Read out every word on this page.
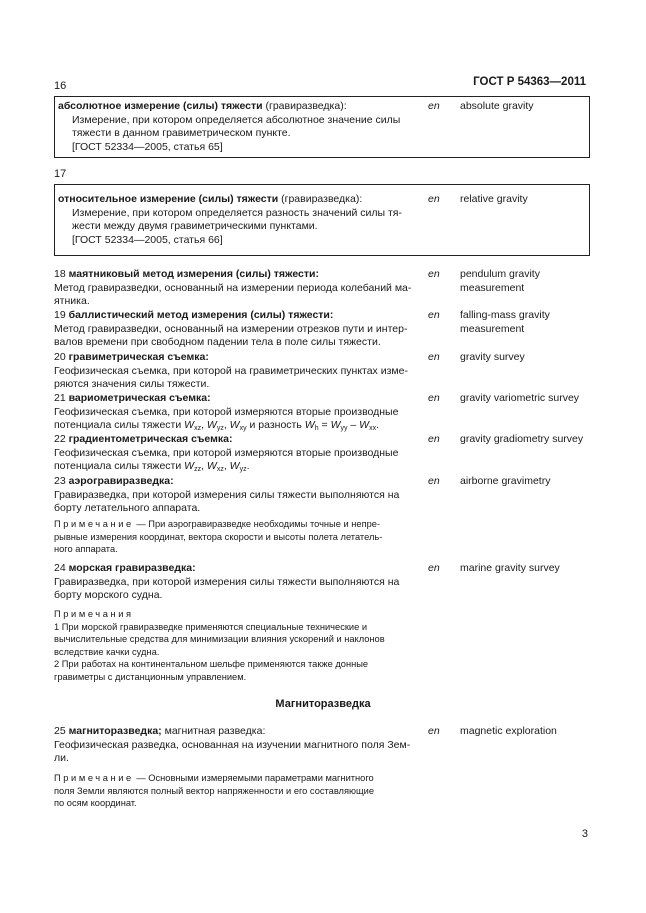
ГОСТ Р 54363—2011
16
абсолютное измерение (силы) тяжести (гравиразведка):
Измерение, при котором определяется абсолютное значение силы
тяжести в данном гравиметрическом пункте.
[ГОСТ 52334—2005, статья 65]
en absolute gravity
17
относительное измерение (силы) тяжести (гравиразведка):
Измерение, при котором определяется разность значений силы тя-
жести между двумя гравиметрическими пунктами.
[ГОСТ 52334—2005, статья 66]
en relative gravity
18 маятниковый метод измерения (силы) тяжести:
Метод гравиразведки, основанный на измерении периода колебаний ма-
ятника.
en pendulum gravity
measurement
19 баллистический метод измерения (силы) тяжести:
Метод гравиразведки, основанный на измерении отрезков пути и интер-
валов времени при свободном падении тела в поле силы тяжести.
en falling-mass gravity
measurement
20 гравиметрическая съемка:
Геофизическая съемка, при которой на гравиметрических пунктах изме-
ряются значения силы тяжести.
en gravity survey
21 вариометрическая съемка:
Геофизическая съемка, при которой измеряются вторые производные
потенциала силы тяжести $W_{xz}$, $W_{yz}$, $W_{xy}$ и разность $W_h = W_{yy} - W_{xx}$.
en gravity variometric survey
22 градиентометрическая съемка:
Геофизическая съемка, при которой измеряются вторые производные
потенциала силы тяжести $W_{zz}$, $W_{xz}$, $W_{yz}$.
en gravity gradiometry survey
23 аэрогравиразведка:
Гравиразведка, при которой измерения силы тяжести выполняются на
борту летательного аппарата.
Примечание — При аэрогравиразведке необходимы точные и непре-
рывные измерения координат, вектора скорости и высоты полета летатель-
ного аппарата.
en airborne gravimetry
24 морская гравиразведка:
Гравиразведка, при которой измерения силы тяжести выполняются на
борту морского судна.
Примечания
1 При морской гравиразведке применяются специальные технические и
вычислительные средства для минимизации влияния ускорений и наклонов
вследствие качки судна.
2 При работах на континентальном шельфе применяются также донные
гравиметры с дистанционным управлением.
en marine gravity survey
Магниторазведка
25 магниторазведка; магнитная разведка:
Геофизическая разведка, основанная на изучении магнитного поля Зем-
ли.
Примечание — Основными измеряемыми параметрами магнитного
поля Земли являются полный вектор напряженности и его составляющие
по осям координат.
en magnetic exploration
3
